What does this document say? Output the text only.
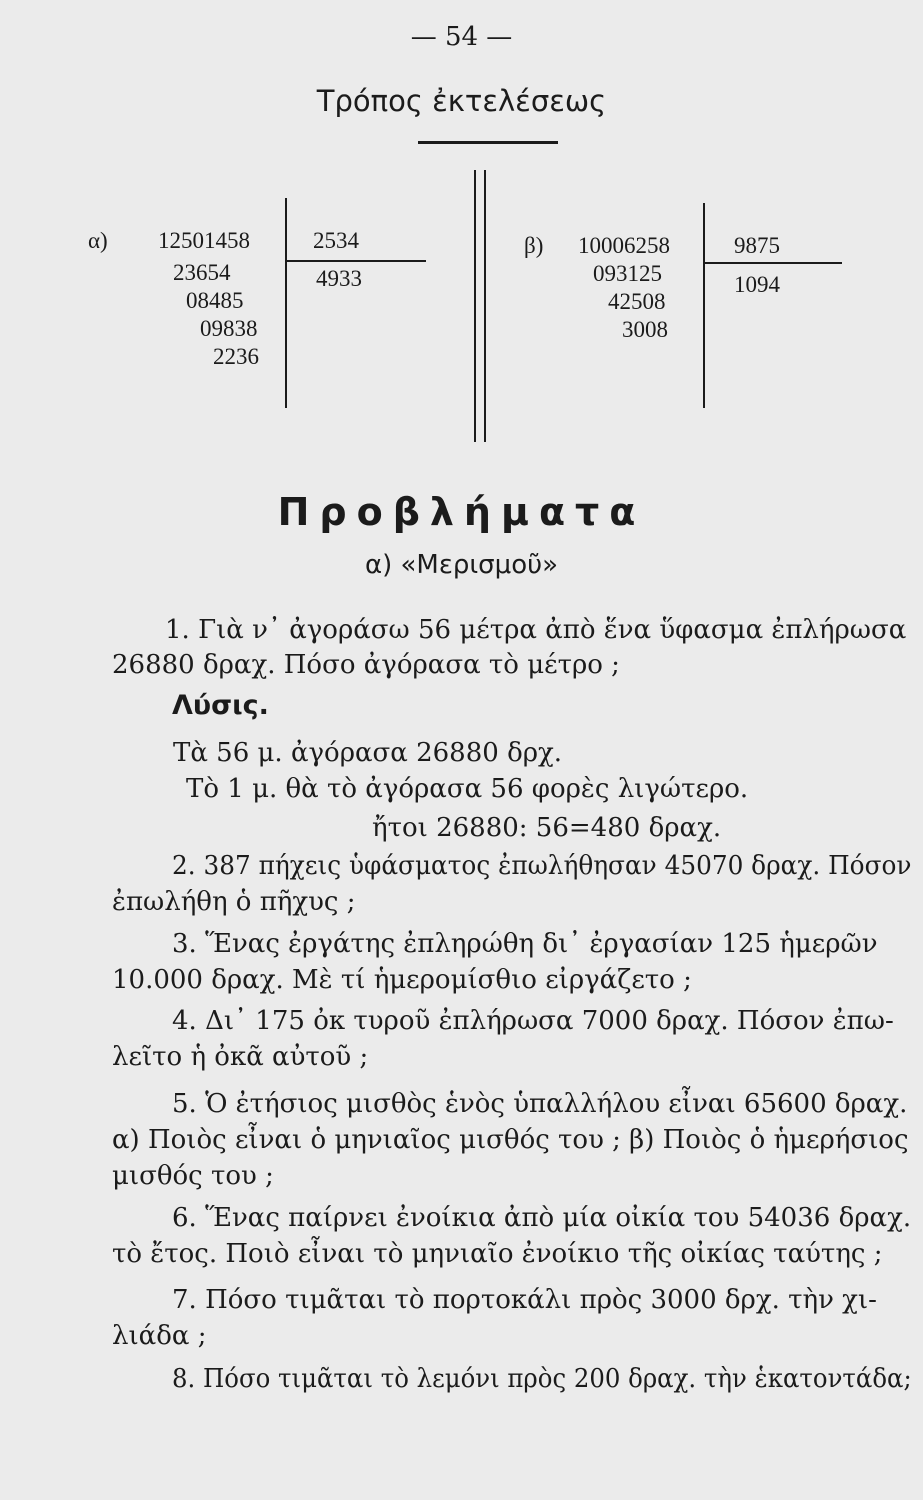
— 54 —
Τρόπος ἐκτελέσεως
α) 12501458
23654
08485
09838
2236
2534
4933
β) 10006258
093125
42508
3008
9875
1094
Προβλήματα
α) «Μερισμοῦ»
1. Γιὰ ν᾿ ἀγοράσω 56 μέτρα ἀπὸ ἕνα ὕφασμα ἐπλήρωσα
26880 δραχ. Πόσο ἀγόρασα τὸ μέτρο ;
Λύσις.
Τὰ 56 μ. ἀγόρασα 26880 δρχ.
Τὸ 1 μ. θὰ τὸ ἀγόρασα 56 φορὲς λιγώτερο.
ἤτοι 26880: 56=480 δραχ.
2. 387 πήχεις ὑφάσματος ἐπωλήθησαν 45070 δραχ. Πόσον
ἐπωλήθη ὁ πῆχυς ;
3. Ἕνας ἐργάτης ἐπληρώθη δι᾿ ἐργασίαν 125 ἡμερῶν
10.000 δραχ. Μὲ τί ἡμερομίσθιο εἰργάζετο ;
4. Δι᾿ 175 ὀκ τυροῦ ἐπλήρωσα 7000 δραχ. Πόσον ἐπω-
λεῖτο ἡ ὀκᾶ αὐτοῦ ;
5. Ὁ ἐτήσιος μισθὸς ἑνὸς ὑπαλλήλου εἶναι 65600 δραχ.
α) Ποιὸς εἶναι ὁ μηνιαῖος μισθός του ; β) Ποιὸς ὁ ἡμερήσιος
μισθός του ;
6. Ἕνας παίρνει ἐνοίκια ἀπὸ μία οἰκία του 54036 δραχ.
τὸ ἔτος. Ποιὸ εἶναι τὸ μηνιαῖο ἐνοίκιο τῆς οἰκίας ταύτης ;
7. Πόσο τιμᾶται τὸ πορτοκάλι πρὸς 3000 δρχ. τὴν χι-
λιάδα ;
8. Πόσο τιμᾶται τὸ λεμόνι πρὸς 200 δραχ. τὴν ἑκατοντάδα;
